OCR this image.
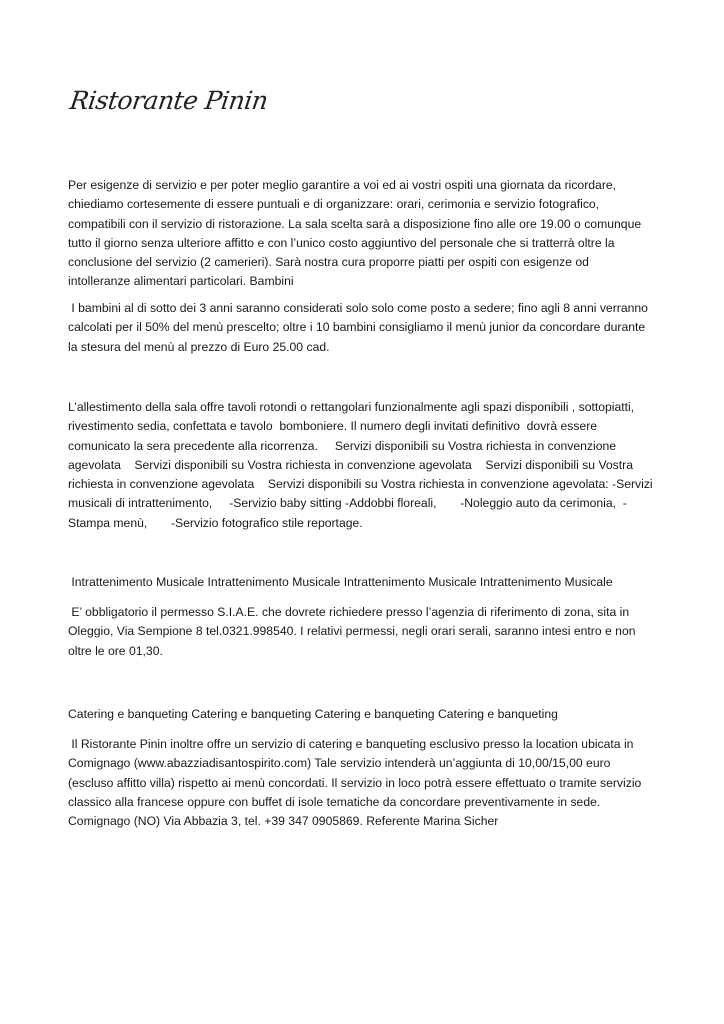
Ristorante Pinin
Per esigenze di servizio e per poter meglio garantire a voi ed ai vostri ospiti una giornata da ricordare,
chiediamo cortesemente di essere puntuali e di organizzare: orari, cerimonia e servizio fotografico,
compatibili con il servizio di ristorazione. La sala scelta sarà a disposizione fino alle ore 19.00 o comunque
tutto il giorno senza ulteriore affitto e con l’unico costo aggiuntivo del personale che si tratterrà oltre la
conclusione del servizio (2 camerieri). Sarà nostra cura proporre piatti per ospiti con esigenze od
intolleranze alimentari particolari. Bambini
I bambini al di sotto dei 3 anni saranno considerati solo solo come posto a sedere; fino agli 8 anni verranno
calcolati per il 50% del menù prescelto; oltre i 10 bambini consigliamo il menù junior da concordare durante
la stesura del menù al prezzo di Euro 25.00 cad.
L’allestimento della sala offre tavoli rotondi o rettangolari funzionalmente agli spazi disponibili , sottopiatti,
rivestimento sedia, confettata e tavolo  bomboniere. Il numero degli invitati definitivo  dovrà essere
comunicato la sera precedente alla ricorrenza.     Servizi disponibili su Vostra richiesta in convenzione
agevolata    Servizi disponibili su Vostra richiesta in convenzione agevolata    Servizi disponibili su Vostra
richiesta in convenzione agevolata    Servizi disponibili su Vostra richiesta in convenzione agevolata: -Servizi
musicali di intrattenimento,     -Servizio baby sitting -Addobbi floreali,       -Noleggio auto da cerimonia,  -
Stampa menù,       -Servizio fotografico stile reportage.
Intrattenimento Musicale Intrattenimento Musicale Intrattenimento Musicale Intrattenimento Musicale
E’ obbligatorio il permesso S.I.A.E. che dovrete richiedere presso l’agenzia di riferimento di zona, sita in
Oleggio, Via Sempione 8 tel.0321.998540. I relativi permessi, negli orari serali, saranno intesi entro e non
oltre le ore 01,30.
Catering e banqueting Catering e banqueting Catering e banqueting Catering e banqueting
Il Ristorante Pinin inoltre offre un servizio di catering e banqueting esclusivo presso la location ubicata in
Comignago (www.abazziadisantospirito.com) Tale servizio intenderà un’aggiunta di 10,00/15,00 euro
(escluso affitto villa) rispetto ai menù concordati. Il servizio in loco potrà essere effettuato o tramite servizio
classico alla francese oppure con buffet di isole tematiche da concordare preventivamente in sede.
Comignago (NO) Via Abbazia 3, tel. +39 347 0905869. Referente Marina Sicher
